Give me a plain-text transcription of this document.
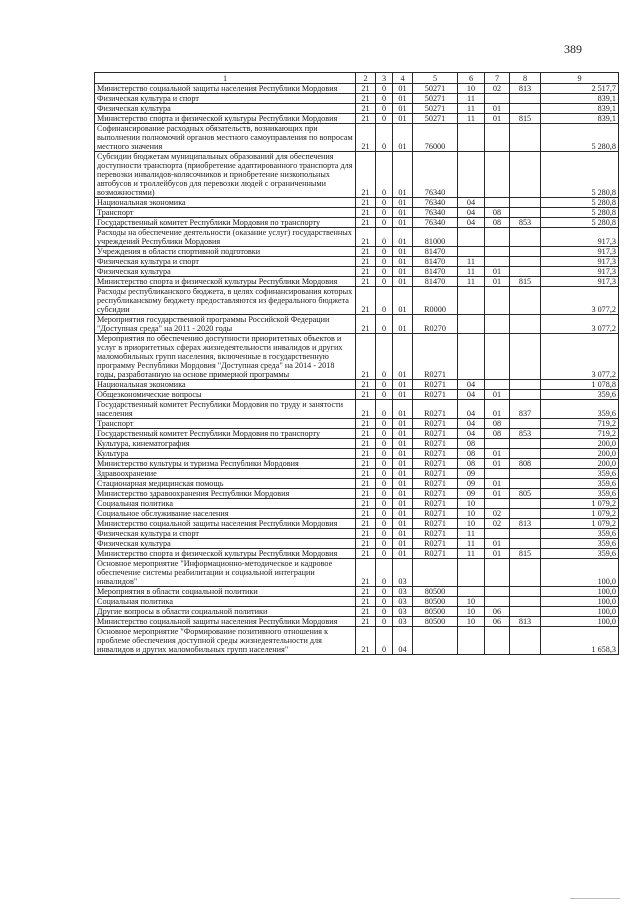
389
1	2	3	4	5	6	7	8	9
Министерство социальной защиты населения Республики Мордовия	21	0	01	50271	10	02	813	2 517,7
Физическая культура и спорт	21	0	01	50271	11			839,1
Физическая культура	21	0	01	50271	11	01		839,1
Министерство спорта и физической культуры Республики Мордовия	21	0	01	50271	11	01	815	839,1
Софинансирование расходных обязательств, возникающих при выполнении полномочий органов местного самоуправления по вопросам местного значения	21	0	01	76000				5 280,8
Субсидии бюджетам муниципальных образований для обеспечения доступности транспорта (приобретение адаптированного транспорта для перевозки инвалидов-колясочников и приобретение низкопольных автобусов и троллейбусов для перевозки людей с ограниченными возможностями)	21	0	01	76340				5 280,8
Национальная экономика	21	0	01	76340	04			5 280,8
Транспорт	21	0	01	76340	04	08		5 280,8
Государственный комитет Республики Мордовия по транспорту	21	0	01	76340	04	08	853	5 280,8
Расходы на обеспечение деятельности (оказание услуг) государственных учреждений Республики Мордовия	21	0	01	81000				917,3
Учреждения в области спортивной подготовки	21	0	01	81470				917,3
Физическая культура и спорт	21	0	01	81470	11			917,3
Физическая культура	21	0	01	81470	11	01		917,3
Министерство спорта и физической культуры Республики Мордовия	21	0	01	81470	11	01	815	917,3
Расходы республиканского бюджета, в целях софинансирования которых республиканскому бюджету предоставляются из федерального бюджета субсидии	21	0	01	R0000				3 077,2
Мероприятия государственной программы Российской Федерации "Доступная среда" на 2011 - 2020 годы	21	0	01	R0270				3 077,2
Мероприятия по обеспечению доступности приоритетных объектов и услуг в приоритетных сферах жизнедеятельности инвалидов и других маломобильных групп населения, включенные в государственную программу Республики Мордовия "Доступная среда" на 2014 - 2018 годы, разработанную на основе примерной программы	21	0	01	R0271				3 077,2
Национальная экономика	21	0	01	R0271	04			1 078,8
Общеэкономические вопросы	21	0	01	R0271	04	01		359,6
Государственный комитет Республики Мордовия по труду и занятости населения	21	0	01	R0271	04	01	837	359,6
Транспорт	21	0	01	R0271	04	08		719,2
Государственный комитет Республики Мордовия по транспорту	21	0	01	R0271	04	08	853	719,2
Культура, кинематография	21	0	01	R0271	08			200,0
Культура	21	0	01	R0271	08	01		200,0
Министерство культуры и туризма Республики Мордовия	21	0	01	R0271	08	01	808	200,0
Здравоохранение	21	0	01	R0271	09			359,6
Стационарная медицинская помощь	21	0	01	R0271	09	01		359,6
Министерство здравоохранения Республики Мордовия	21	0	01	R0271	09	01	805	359,6
Социальная политика	21	0	01	R0271	10			1 079,2
Социальное обслуживание населения	21	0	01	R0271	10	02		1 079,2
Министерство социальной защиты населения Республики Мордовия	21	0	01	R0271	10	02	813	1 079,2
Физическая культура и спорт	21	0	01	R0271	11			359,6
Физическая культура	21	0	01	R0271	11	01		359,6
Министерство спорта и физической культуры Республики Мордовия	21	0	01	R0271	11	01	815	359,6
Основное мероприятие "Информационно-методическое и кадровое обеспечение системы реабилитации и социальной интеграции инвалидов"	21	0	03					100,0
Мероприятия в области социальной политики	21	0	03	80500				100,0
Социальная политика	21	0	03	80500	10			100,0
Другие вопросы в области социальной политики	21	0	03	80500	10	06		100,0
Министерство социальной защиты населения Республики Мордовия	21	0	03	80500	10	06	813	100,0
Основное мероприятие "Формирование позитивного отношения к проблеме обеспечения доступной среды жизнедеятельности для инвалидов и других маломобильных групп населения"	21	0	04					1 658,3
